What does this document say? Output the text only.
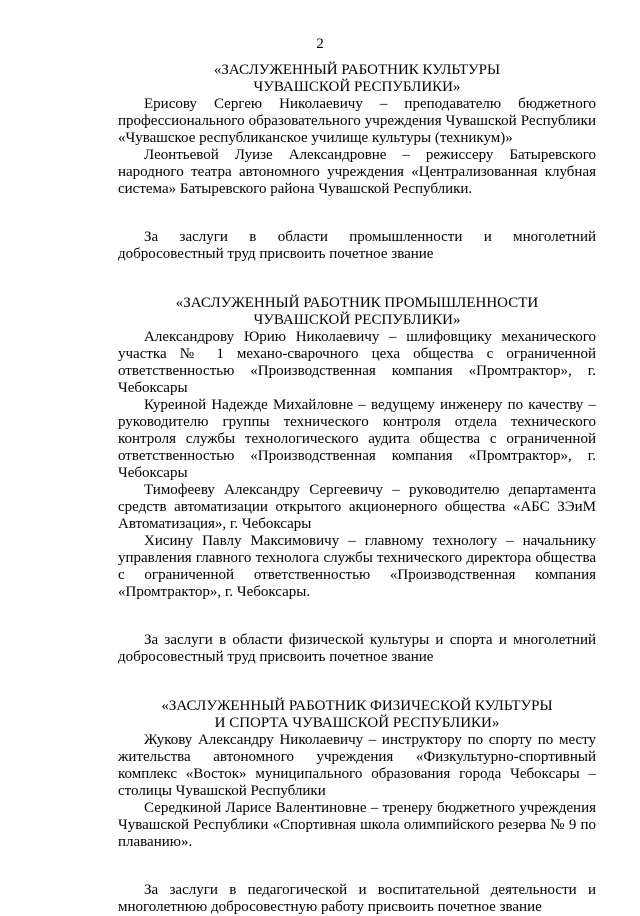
2
«ЗАСЛУЖЕННЫЙ РАБОТНИК КУЛЬТУРЫ
ЧУВАШСКОЙ РЕСПУБЛИКИ»

Ерисову Сергею Николаевичу – преподавателю бюджетного профессионального образовательного учреждения Чувашской Республики «Чувашское республиканское училище культуры (техникум)»

Леонтьевой Луизе Александровне – режиссеру Батыревского народного театра автономного учреждения «Централизованная клубная система» Батыревского района Чувашской Республики.

За заслуги в области промышленности и многолетний добросовестный труд присвоить почетное звание

«ЗАСЛУЖЕННЫЙ РАБОТНИК ПРОМЫШЛЕННОСТИ
ЧУВАШСКОЙ РЕСПУБЛИКИ»

Александрову Юрию Николаевичу – шлифовщику механического участка № 1 механо-сварочного цеха общества с ограниченной ответственностью «Производственная компания «Промтрактор», г. Чебоксары

Куреиной Надежде Михайловне – ведущему инженеру по качеству – руководителю группы технического контроля отдела технического контроля службы технологического аудита общества с ограниченной ответственностью «Производственная компания «Промтрактор», г. Чебоксары

Тимофееву Александру Сергеевичу – руководителю департамента средств автоматизации открытого акционерного общества «АБС ЗЭиМ Автоматизация», г. Чебоксары

Хисину Павлу Максимовичу – главному технологу – начальнику управления главного технолога службы технического директора общества с ограниченной ответственностью «Производственная компания «Промтрактор», г. Чебоксары.

За заслуги в области физической культуры и спорта и многолетний добросовестный труд присвоить почетное звание

«ЗАСЛУЖЕННЫЙ РАБОТНИК ФИЗИЧЕСКОЙ КУЛЬТУРЫ
И СПОРТА ЧУВАШСКОЙ РЕСПУБЛИКИ»

Жукову Александру Николаевичу – инструктору по спорту по месту жительства автономного учреждения «Физкультурно-спортивный комплекс «Восток» муниципального образования города Чебоксары – столицы Чувашской Республики

Середкиной Ларисе Валентиновне – тренеру бюджетного учреждения Чувашской Республики «Спортивная школа олимпийского резерва № 9 по плаванию».

За заслуги в педагогической и воспитательной деятельности и многолетнюю добросовестную работу присвоить почетное звание
